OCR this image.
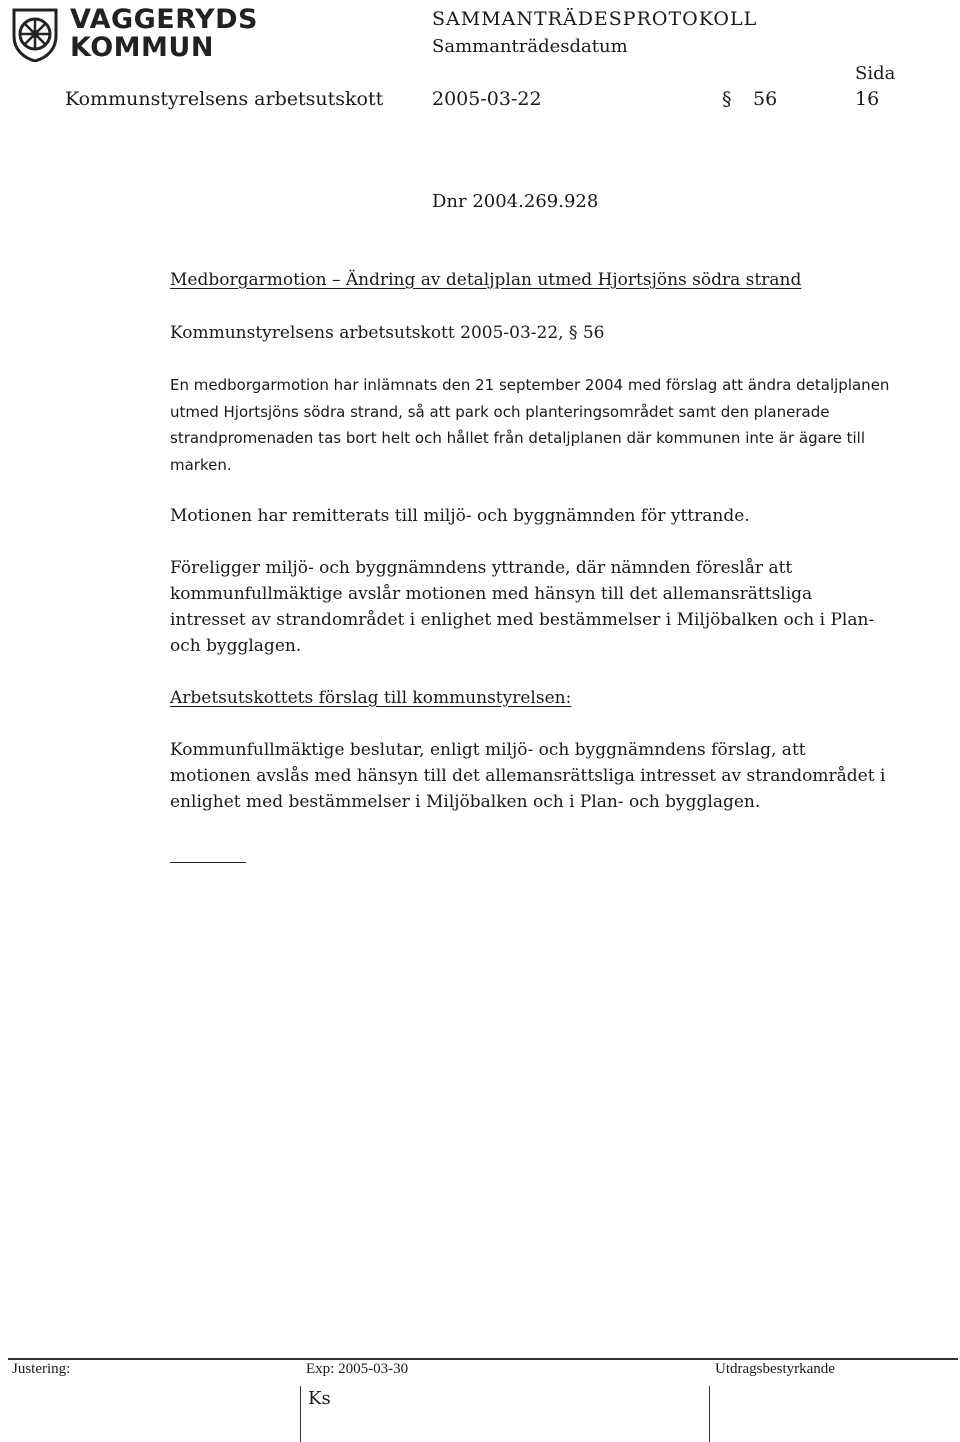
VAGGERYDS
KOMMUN
SAMMANTRÄDESPROTOKOLL
Sammanträdesdatum
Sida
Kommunstyrelsens arbetsutskott	2005-03-22	§ 56	16
Dnr 2004.269.928
Medborgarmotion – Ändring av detaljplan utmed Hjortsjöns södra strand
Kommunstyrelsens arbetsutskott 2005-03-22, § 56
En medborgarmotion har inlämnats den 21 september 2004 med förslag att ändra detaljplanen utmed Hjortsjöns södra strand, så att park och planteringsområdet samt den planerade strandpromenaden tas bort helt och hållet från detaljplanen där kommunen inte är ägare till marken.
Motionen har remitterats till miljö- och byggnämnden för yttrande.
Föreligger miljö- och byggnämndens yttrande, där nämnden föreslår att kommunfullmäktige avslår motionen med hänsyn till det allemansrättsliga intresset av strandområdet i enlighet med bestämmelser i Miljöbalken och i Plan- och bygglagen.
Arbetsutskottets förslag till kommunstyrelsen:
Kommunfullmäktige beslutar, enligt miljö- och byggnämndens förslag, att motionen avslås med hänsyn till det allemansrättsliga intresset av strandområdet i enlighet med bestämmelser i Miljöbalken och i Plan- och bygglagen.
Justering:	Exp: 2005-03-30	Utdragsbestyrkande
Ks
